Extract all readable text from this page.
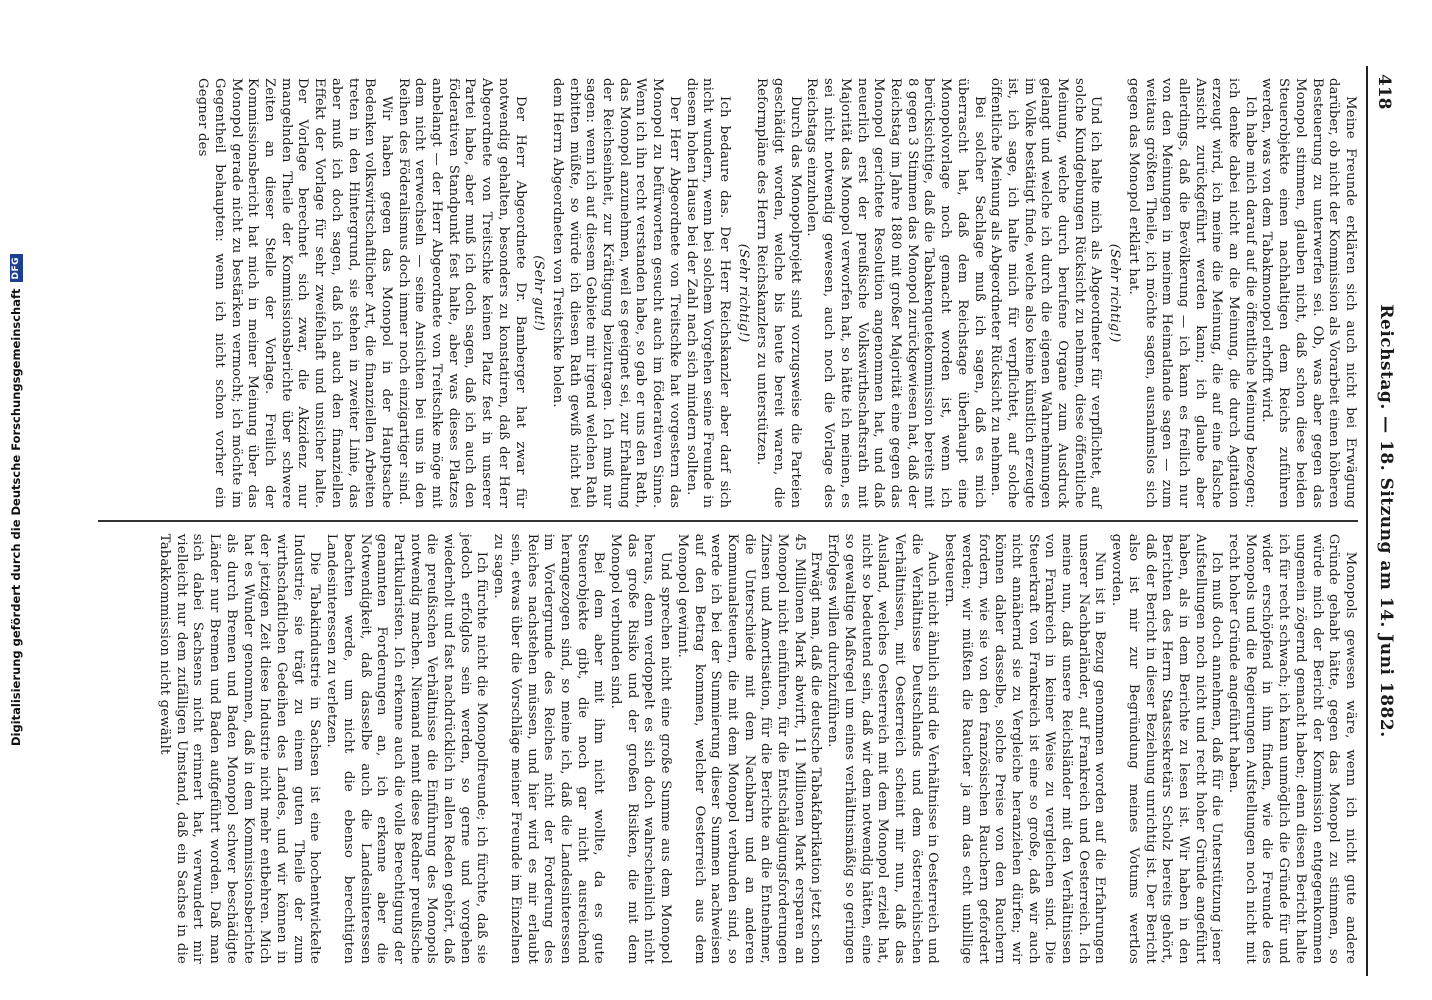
Digitalisierung gefördert durch die Deutsche Forschungsgemeinschaft
DFG
418
Reichstag. — 18. Sitzung am 14. Juni 1882.

Meine Freunde erklären sich auch nicht bei Erwägung darüber, ob nicht der Kommission als Vorarbeit einen höheren Besteuerung zu unterwerfen sei. Ob, was aber gegen das Monopol stimmen, glauben nicht, daß schon diese beiden Steuerobjekte einen nachhaltigen dem Reichs zuführen werden, was von dem Tabakmonopol erhofft wird.

Ich habe mich darauf auf die öffentliche Meinung bezogen; ich denke dabei nicht an die Meinung, die durch Agitation erzeugt wird, ich meine die Meinung, die auf eine falsche Ansicht zurückgeführt werden kann; ich glaube aber allerdings, daß die Bevölkerung — ich kann es freilich nur von den Meinungen in meinem Heimatlande sagen — zum weitaus größten Theile, ich möchte sagen, ausnahmslos sich gegen das Monopol erklärt hat.

(Sehr richtig!)

Und ich halte mich als Abgeordneter für verpflichtet, auf solche Kundgebungen Rücksicht zu nehmen, diese öffentliche Meinung, welche durch berufene Organe zum Ausdruck gelangt und welche ich durch die eigenen Wahrnehmungen im Volke bestätigt finde, welche also keine künstlich erzeugte ist, ich sage, ich halte mich für verpflichtet, auf solche öffentliche Meinung als Abgeordneter Rücksicht zu nehmen.

Bei solcher Sachlage muß ich sagen, daß es mich überrascht hat, daß dem Reichstage überhaupt eine Monopolvorlage noch gemacht worden ist, wenn ich berücksichtige, daß die Tabakenquetekommission bereits mit 8 gegen 3 Stimmen das Monopol zurückgewiesen hat, daß der Reichstag im Jahre 1880 mit großer Majorität eine gegen das Monopol gerichtete Resolution angenommen hat, und daß neuerlich erst der preußische Volkswirthschaftsrath mit Majorität das Monopol verworfen hat, so hätte ich meinen, es sei nicht notwendig gewesen, auch noch die Vorlage des Reichstags einzuholen.

Durch das Monopolprojekt sind vorzugsweise die Parteien geschädigt worden, welche bis heute bereit waren, die Reformpläne des Herrn Reichskanzlers zu unterstützen.

(Sehr richtig!)

Ich bedaure das. Der Herr Reichskanzler aber darf sich nicht wundern, wenn bei solchem Vorgehen seine Freunde in diesem hohen Hause bei der Zahl nach sich mindern sollten.

Der Herr Abgeordnete von Treitschke hat vorgestern das Monopol zu befürworten gesucht auch im föderativen Sinne. Wenn ich ihn recht verstanden habe, so gab er uns den Rath, das Monopol anzunehmen, weil es geeignet sei, zur Erhaltung der Reichseinheit, zur Kräftigung beizutragen. Ich muß nur sagen: wenn ich auf diesem Gebiete mir irgend welchen Rath erbitten müßte, so würde ich diesen Rath gewiß nicht bei dem Herrn Abgeordneten von Treitschke holen.

(Sehr gut!)

Der Herr Abgeordnete Dr. Bamberger hat zwar für notwendig gehalten, besonders zu konstatiren, daß der Herr Abgeordnete von Treitschke keinen Platz fest in unserer Partei habe, aber muß ich doch sagen, daß ich auch den föderativen Standpunkt fest halte, aber was dieses Platzes anbelangt — der Herr Abgeordnete von Treitschke möge mit dem nicht verwechseln — seine Ansichten bei uns in den Reihen des Föderalismus doch immer noch einzigartiger sind.

Wir haben gegen das Monopol in der Hauptsache Bedenken volkswirtschaftlicher Art, die finanziellen Arbeiten treten in den Hintergrund, sie stehen in zweiter Linie, das aber muß ich doch sagen, daß ich auch den finanziellen Effekt der Vorlage für sehr zweifelhaft und unsicher halte. Der Vorlage berechnet sich zwar, die Akzidenz nur mangelnden Theile der Kommissionsberichte über schwere Zeiten an dieser Stelle der Vorlage. Freilich der Kommissionsbericht hat mich in meiner Meinung über das Monopol gerade nicht zu bestärken vermocht; ich möchte im Gegentheil behaupten: wenn ich nicht schon vorher ein Gegner des

Monopols gewesen wäre, wenn ich nicht gute andere Gründe gehabt hätte, gegen das Monopol zu stimmen, so würde mich der Bericht der Kommission entgegenkommen ungemein zögernd gemacht haben; denn diesen Bericht halte ich für recht schwach; ich kann unmöglich die Gründe für und wider erschöpfend in ihm finden, wie die Freunde des Monopols und die Regierungen Aufstellungen noch nicht mit recht hoher Gründe angeführt haben.

Ich muß doch annehmen, daß für die Unterstützung jener Aufstellungen noch nicht und recht hoher Gründe angeführt haben, als in dem Berichte zu lesen ist. Wir haben in den Berichten des Herrn Staatssekretärs Scholz bereits gehört, daß der Bericht in dieser Beziehung unrichtig ist. Der Bericht also ist mir zur Begründung meines Votums wertlos geworden.

Nun ist in Bezug genommen worden auf die Erfahrungen unserer Nachbarländer, auf Frankreich und Oesterreich. Ich meine nun, daß unsere Reichsländer mit den Verhältnissen von Frankreich in keiner Weise zu vergleichen sind. Die Steuerkraft von Frankreich ist eine so große, daß wir auch nicht annähernd sie zu Vergleiche heranziehen dürfen; wir können daher dasselbe, solche Preise von den Rauchern fordern, wie sie von den französischen Rauchern gefordert werden; wir müßten die Raucher ja am das echt unbillige besteuern.

Auch nicht ähnlich sind die Verhältnisse in Oesterreich und die Verhältnisse Deutschlands und dem österreichischen Verhältnissen, mit Oesterreich scheint mir nun, daß das Ausland, welches Oesterreich mit dem Monopol erzielt hat, nicht so bedeutend sein, daß wir dem notwendig hätten, eine so gewaltige Maßregel um eines verhältnismäßig so geringen Erfolges willen durchzuführen.

Erwägt man, daß die deutsche Tabakfabrikation jetzt schon 45 Millionen Mark abwirft, 11 Millionen Mark ersparen an Monopol nicht einführen, für die Entschädigungsforderungen Zinsen und Amortisation, für die Berichte an die Entnehmer, die Unterschiede mit dem Nachbarn und an anderen Kommunalsteuern, die mit dem Monopol verbunden sind, so werde ich bei der Summierung dieser Summen nachweisen auf den Betrag kommen, welcher Oesterreich aus dem Monopol gewinnt.

Und sprechen nicht eine große Summe aus dem Monopol heraus, denn verdoppelt es sich doch wahrscheinlich nicht das große Risiko und der großen Risiken, die mit dem Monopol verbunden sind.

Bei dem aber mit ihm nicht wollte, da es gute Steuerobjekte gibt, die noch gar nicht ausreichend herangezogen sind, so meine ich, daß die Landesinteressen im Vordergrunde des Reiches nicht der Forderung des Reiches nachstehen müssen, und hier wird es mir erlaubt sein, etwas über die Vorschläge meiner Freunde im Einzelnen zu sagen.

Ich fürchte nicht die Monopolfreunde; ich fürchte, daß sie jedoch erfolglos sein werden, so gerne und vorgehen wiederholt und fast nachdrücklich in allen Reden gehört, daß die preußischen Verhältnisse die Einführung des Monopols notwendig machen. Niemand nennt diese Redner preußische Partikularisten. Ich erkenne auch die volle Berechtigung der genannten Forderungen an, ich erkenne aber die Notwendigkeit, daß dasselbe auch die Landesinteressen beachten werde, um nicht die ebenso berechtigten Landesinteressen zu verletzen.

Die Tabakindustrie in Sachsen ist eine hochentwickelte Industrie; sie trägt zu einem guten Theile der zum wirthschaftlichen Gedeihen des Landes, und wir können in der jetzigen Zeit diese Industrie nicht mehr entbehren. Mich hat es Wunder genommen, daß in dem Kommissionsberichte als durch Bremen und Baden Monopol schwer beschädigte Länder nur Bremen und Baden aufgeführt worden. Daß man sich dabei Sachsens nicht erinnert hat, verwundert mir vielleicht nur dem zufälligen Umstand, daß ein Sachse in die Tabakkommission nicht gewählt
